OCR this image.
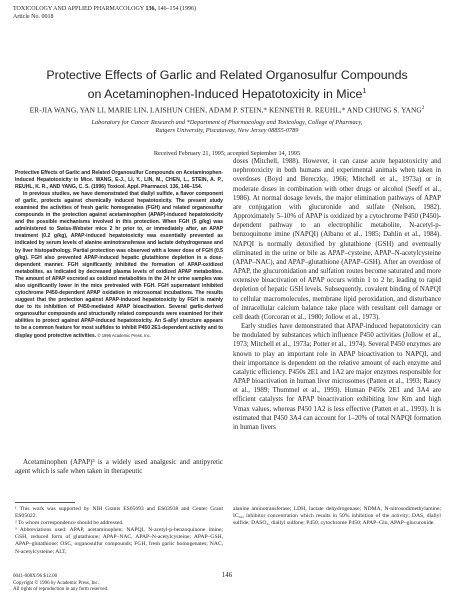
TOXICOLOGY AND APPLIED PHARMACOLOGY 136, 146–154 (1996)
Article No. 0018
Protective Effects of Garlic and Related Organosulfur Compounds
on Acetaminophen-Induced Hepatotoxicity in Mice$^1$
ER-JIA WANG, YAN LI, MARIE LIN, LAISHUN CHEN, ADAM P. STEIN,* KENNETH R. REUHL,* AND CHUNG S. YANG$^2$
Laboratory for Cancer Research and *Department of Pharmacology and Toxicology, College of Pharmacy,
Rutgers University, Piscataway, New Jersey 08855-0789
Received February 21, 1995; accepted September 14, 1995

Protective Effects of Garlic and Related Organosulfur Compounds on Acetaminophen-Induced Hepatotoxicity in Mice. WANG, E-J., LI, Y., LIN, M., CHEN, L., STEIN, A. P., REUHL, K. R., AND YANG, C. S. (1996) Toxicol. Appl. Pharmacol. 136, 146–154.

In previous studies, we have demonstrated that diallyl sulfide, a flavor component of garlic, protects against chemically induced hepatotoxicity. The present study examined the activities of fresh garlic homogenates (FGH) and related organosulfur compounds in the protection against acetaminophen (APAP)-induced hepatotoxicity and the possible mechanisms involved in this protection. When FGH (5 g/kg) was administered to Swiss-Webster mice 2 hr prior to, or immediately after, an APAP treatment (0.2 g/kg), APAP-induced hepatotoxicity was essentially prevented as indicated by serum levels of alanine aminotransferase and lactate dehydrogenase and by liver histopathology. Partial protection was observed with a lower dose of FGH (0.5 g/kg). FGH also prevented APAP-induced hepatic glutathione depletion in a dose-dependent manner. FGH significantly inhibited the formation of APAP-oxidized metabolites, as indicated by decreased plasma levels of oxidized APAP metabolites. The amount of APAP excreted as oxidized metabolites in the 24 hr urine samples was also significantly lower in the mice pretreated with FGH. FGH supernatant inhibited cytochrome P450-dependent APAP oxidation in microsomal incubations. The results suggest that the protection against APAP-induced hepatotoxicity by FGH is mainly due to its inhibition of P450-mediated APAP bioactivation. Several garlic-derived organosulfur compounds and structurally related compounds were examined for their abilities to protect against APAP-induced hepatotoxicity. An S-allyl structure appears to be a common feature for most sulfides to inhibit P450 2E1-dependent activity and to display good protective activities. © 1996 Academic Press, Inc.

Acetaminophen (APAP)³ is a widely used analgesic and antipyretic agent which is safe when taken in therapeutic

doses (Mitchell, 1988). However, it can cause acute hepatotoxicity and nephrotoxicity in both humans and experimental animals when taken in overdoses (Boyd and Bereczky, 1966; Mitchell et al., 1973a) or in moderate doses in combination with other drugs or alcohol (Seeff et al., 1986). At normal dosage levels, the major elimination pathways of APAP are conjugation with glucuronide and sulfate (Nelson, 1982). Approximately 5–10% of APAP is oxidized by a cytochrome P450 (P450)-dependent pathway to an electrophilic metabolite, N-acetyl-p-benzoquinone imine (NAPQI) (Albano et al., 1985; Dahlin et al., 1984). NAPQI is normally detoxified by glutathione (GSH) and eventually eliminated in the urine or bile as APAP–cysteine, APAP–N-acetylcysteine (APAP–NAC), and APAP–glutathione (APAP–GSH). After an overdose of APAP, the glucuronidation and sulfation routes become saturated and more extensive bioactivation of APAP occurs within 1 to 2 hr, leading to rapid depletion of hepatic GSH levels. Subsequently, covalent binding of NAPQI to cellular macromolecules, membrane lipid peroxidation, and disturbance of intracellular calcium balance take place with resultant cell damage or cell death (Corcoran et al., 1980; Jollow et al., 1973).

Early studies have demonstrated that APAP-induced hepatotoxicity can be modulated by substances which influence P450 activities (Jollow et al., 1973; Mitchell et al., 1973a; Potter et al., 1974). Several P450 enzymes are known to play an important role in APAP bioactivation to NAPQI, and their importance is dependent on the relative amount of each enzyme and catalytic efficiency. P450s 2E1 and 1A2 are major enzymes responsible for APAP bioactivation in human liver microsomes (Patten et al., 1993; Raucy et al., 1989; Thummel et al., 1993). Human P450s 2E1 and 3A4 are efficient catalysts for APAP bioactivation exhibiting low Km and high Vmax values, whereas P450 1A2 is less effective (Patten et al., 1993). It is estimated that P450 3A4 can account for 1–20% of total NAPQI formation in human livers

¹ This work was supported by NIH Grants ES05693 and ES03938 and Center Grant ES05022.

² To whom correspondence should be addressed.

³ Abbreviations used: APAP, acetaminophen; NAPQI, N-acetyl-p-benzoquinone imine; GSH, reduced form of glutathione; APAP–NAC, APAP–N-acetylcysteine; APAP–GSH, APAP–glutathione; OSC, organosulfur compounds; FGH, fresh garlic homogenates; NAC, N-acetylcysteine; ALT,

alanine aminotransferase; LDH, lactate dehydrogenase; NDMA, N-nitrosodimethylamine; IC₅₀, inhibitor concentration which results in 50% inhibition of the activity; DAS, diallyl sulfide; DASO₂, diallyl sulfone; P450, cytochrome P450; APAP–Glu, APAP–glucuronide.

146
0041-008X/96 $12.00
Copyright © 1996 by Academic Press, Inc.
All rights of reproduction in any form reserved.
